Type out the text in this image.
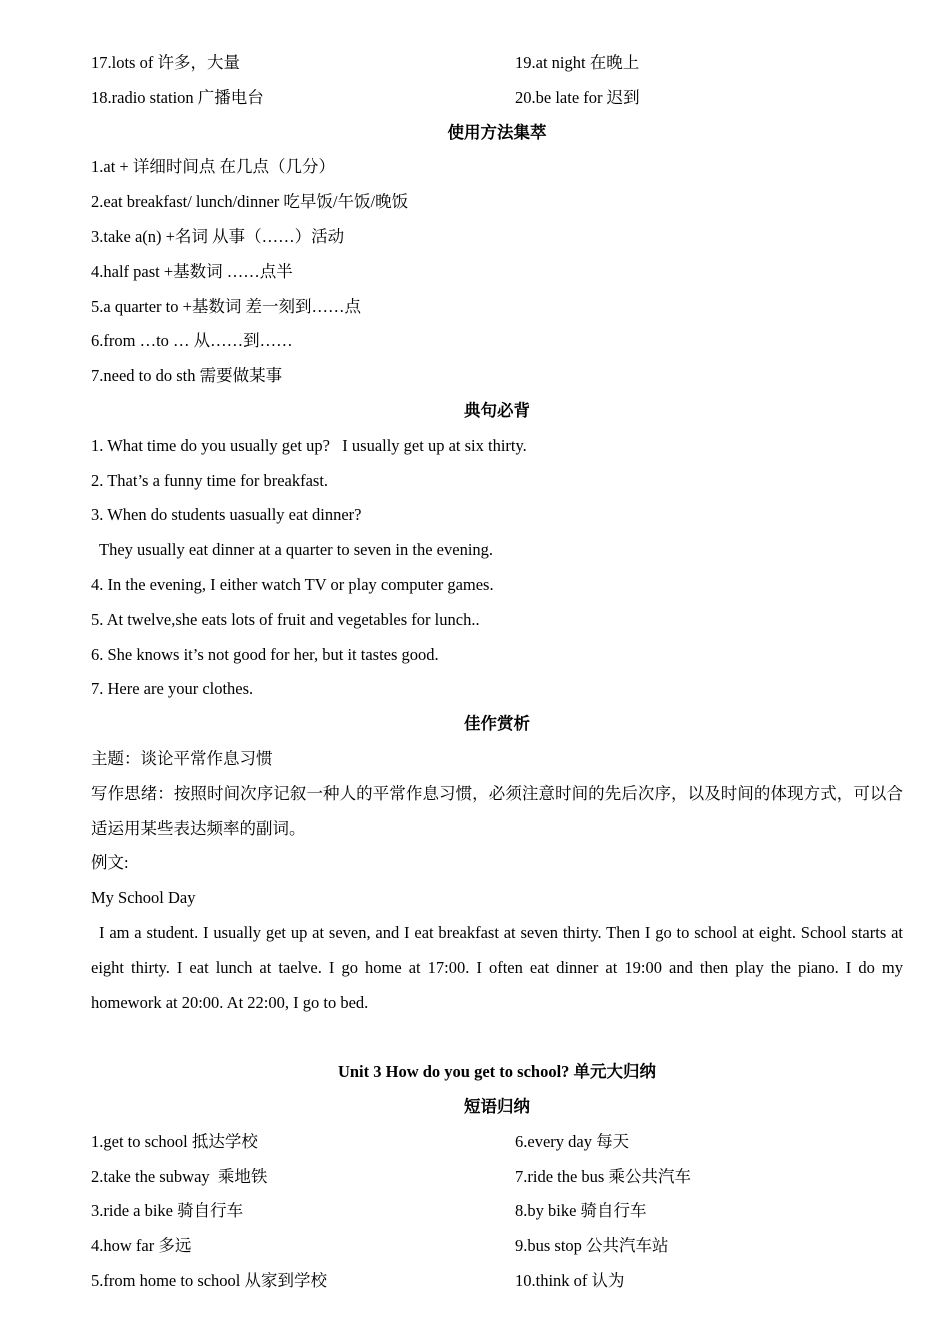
17.lots of 许多，大量	19.at night 在晚上
18.radio station 广播电台	20.be late for 迟到
使用方法集萃
1.at + 详细时间点 在几点（几分）
2.eat breakfast/ lunch/dinner 吃早饭/午饭/晚饭
3.take a(n) +名词 从事（……）活动
4.half past +基数词 ……点半
5.a quarter to +基数词 差一刻到……点
6.from …to … 从……到……
7.need to do sth 需要做某事
典句必背
1. What time do you usually get up?   I usually get up at six thirty.
2. That’s a funny time for breakfast.
3. When do students uasually eat dinner?
They usually eat dinner at a quarter to seven in the evening.
4. In the evening, I either watch TV or play computer games.
5. At twelve,she eats lots of fruit and vegetables for lunch..
6. She knows it’s not good for her, but it tastes good.
7. Here are your clothes.
佳作赏析
主题：谈论平常作息习惯
写作思绪：按照时间次序记叙一种人的平常作息习惯，必须注意时间的先后次序，以及时间的体现方式，可以合适运用某些表达频率的副词。
例文:
My School Day
I am a student. I usually get up at seven, and I eat breakfast at seven thirty. Then I go to school at eight. School starts at eight thirty. I eat lunch at taelve. I go home at 17:00. I often eat dinner at 19:00 and then play the piano. I do my homework at 20:00. At 22:00, I go to bed.
Unit 3 How do you get to school? 单元大归纳
短语归纳
1.get to school 抵达学校	6.every day 每天
2.take the subway  乘地铁	7.ride the bus 乘公共汽车
3.ride a bike 骑自行车	8.by bike 骑自行车
4.how far 多远	9.bus stop 公共汽车站
5.from home to school 从家到学校	10.think of 认为
